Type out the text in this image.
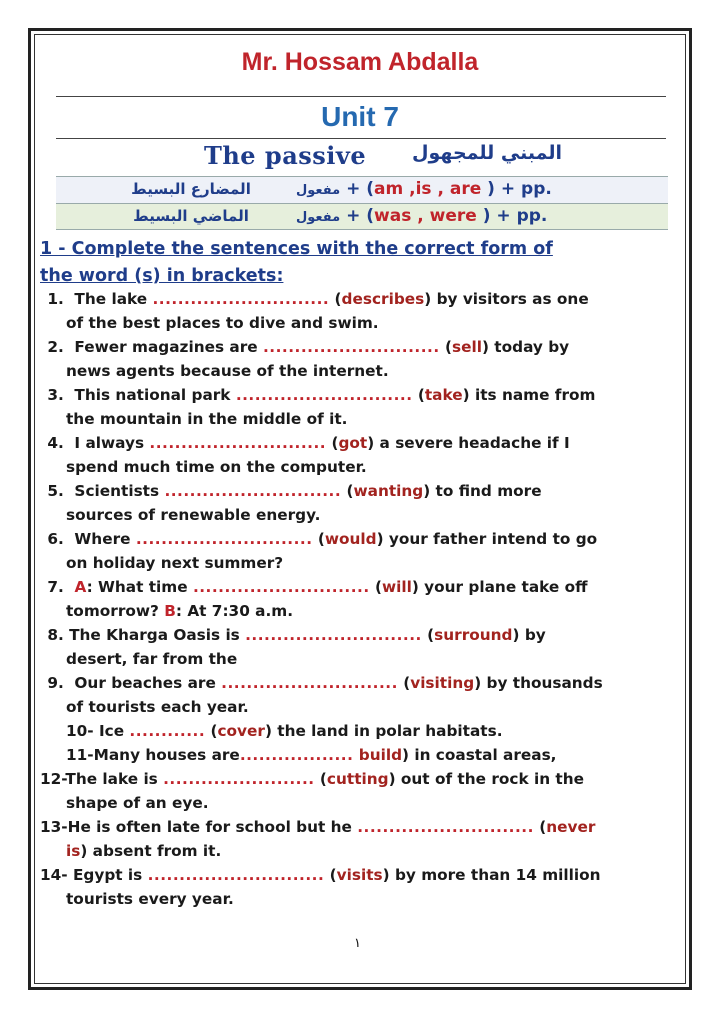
Mr. Hossam Abdalla
Unit 7
The passive المبني للمجهول
المضارع البسيط	مفعول + (am ,is , are ) + pp.
الماضي البسيط	مفعول + (was , were ) + pp.
1 - Complete the sentences with the correct form of
the word (s) in brackets:
1.  The lake ............................ (describes) by visitors as one
of the best places to dive and swim.
2.  Fewer magazines are ............................ (sell) today by
news agents because of the internet.
3.  This national park ............................ (take) its name from
the mountain in the middle of it.
4.  I always ............................ (got) a severe headache if I
spend much time on the computer.
5.  Scientists ............................ (wanting) to find more
sources of renewable energy.
6.  Where ............................ (would) your father intend to go
on holiday next summer?
7.  A: What time ............................ (will) your plane take off
tomorrow? B: At 7:30 a.m.
8. The Kharga Oasis is ............................ (surround) by
desert, far from the
9.  Our beaches are ............................ (visiting) by thousands
of tourists each year.
10- Ice ............ (cover) the land in polar habitats.
11-Many houses are.................. build) in coastal areas,
12-The lake is ........................ (cutting) out of the rock in the
shape of an eye.
13-He is often late for school but he ............................ (never
is) absent from it.
14- Egypt is ............................ (visits) by more than 14 million
tourists every year.
١
